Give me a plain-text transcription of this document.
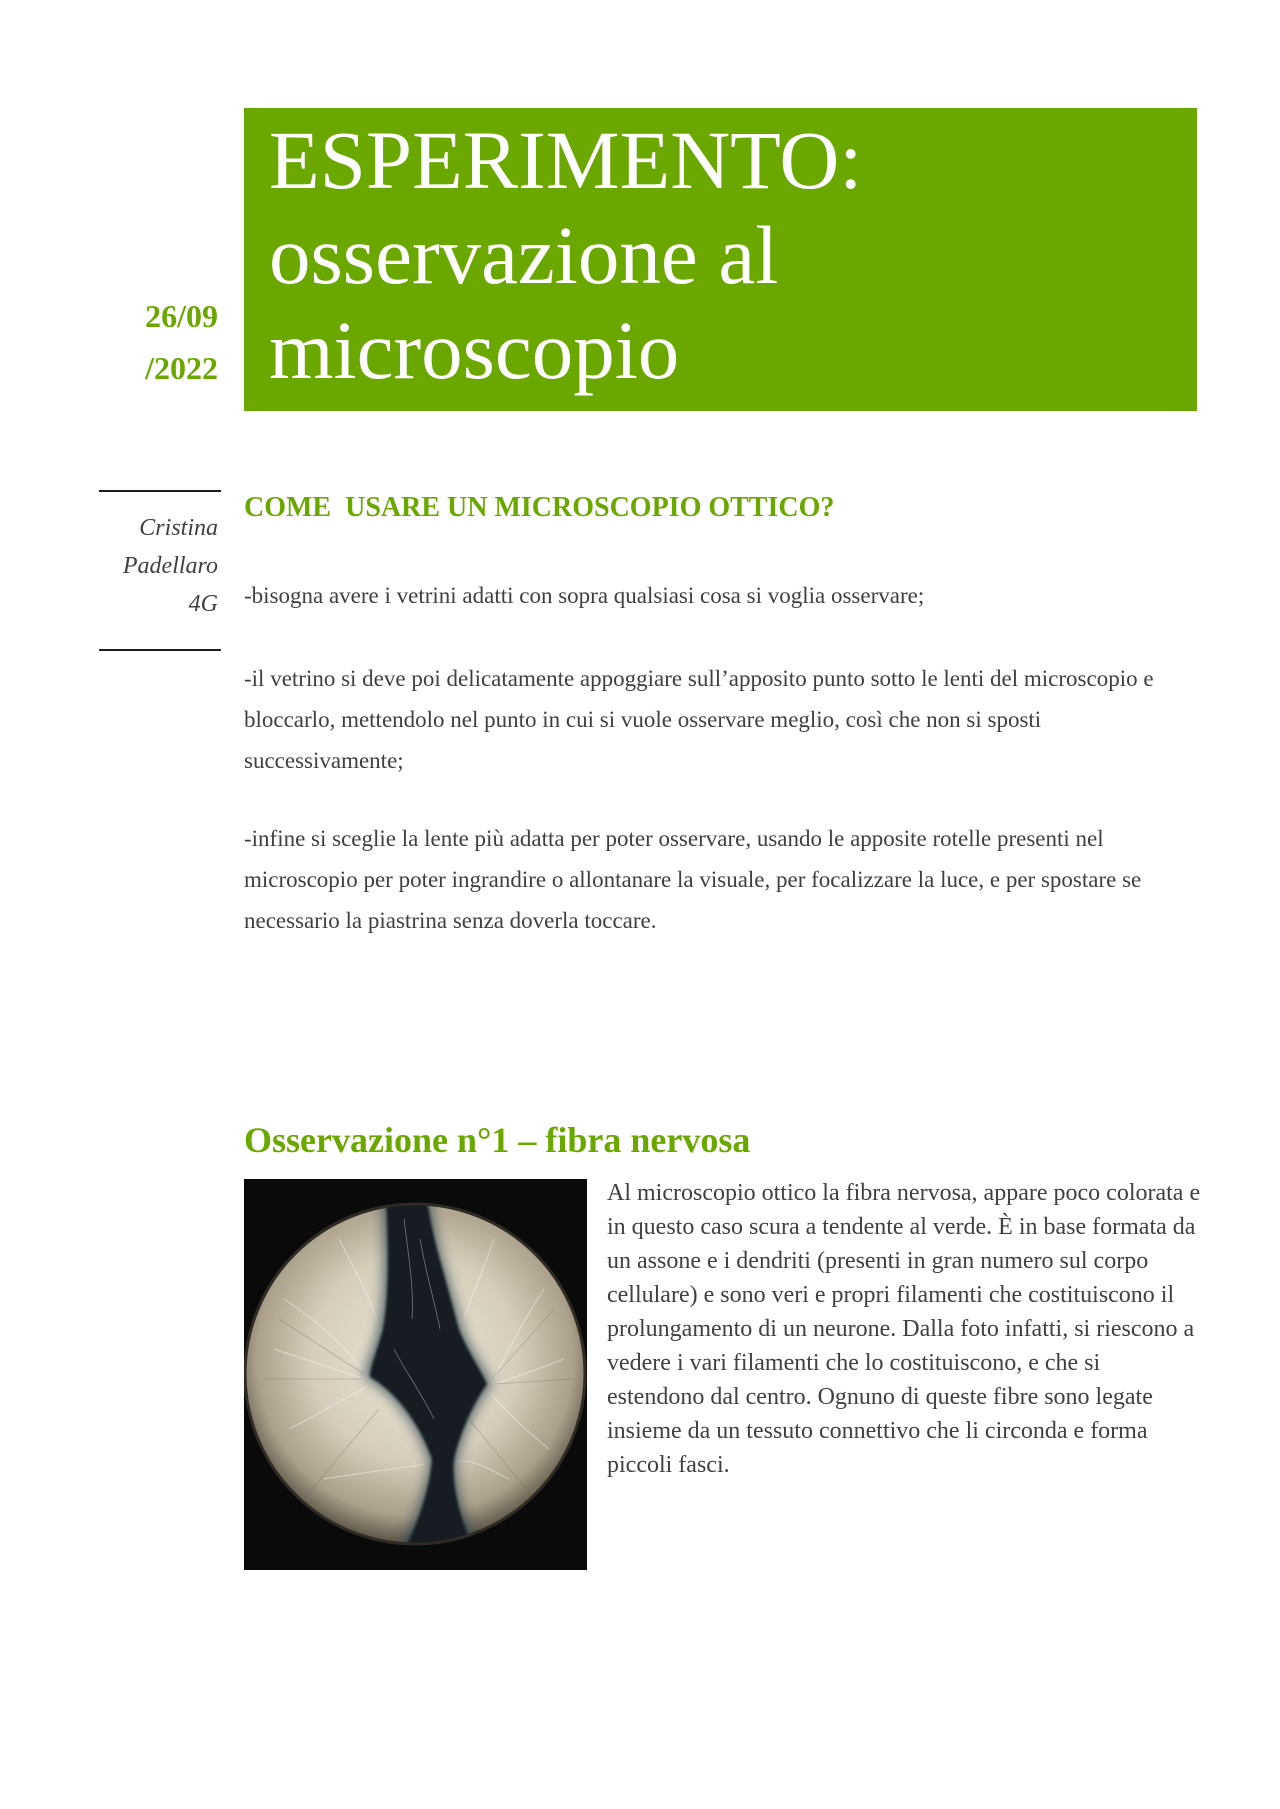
26/09
/2022
ESPERIMENTO:
osservazione al
microscopio
Cristina
Padellaro
4G
COME  USARE UN MICROSCOPIO OTTICO?

-bisogna avere i vetrini adatti con sopra qualsiasi cosa si voglia osservare;

-il vetrino si deve poi delicatamente appoggiare sull’apposito punto sotto le lenti del microscopio e bloccarlo, mettendolo nel punto in cui si vuole osservare meglio, così che non si sposti successivamente;

-infine si sceglie la lente più adatta per poter osservare, usando le apposite rotelle presenti nel microscopio per poter ingrandire o allontanare la visuale, per focalizzare la luce, e per spostare se necessario la piastrina senza doverla toccare.

Osservazione n°1 – fibra nervosa

Al microscopio ottico la fibra nervosa, appare poco colorata e in questo caso scura a tendente al verde. È in base formata da un assone e i dendriti (presenti in gran numero sul corpo cellulare) e sono veri e propri filamenti che costituiscono il prolungamento di un neurone. Dalla foto infatti, si riescono a vedere i vari filamenti che lo costituiscono, e che si estendono dal centro. Ognuno di queste fibre sono legate insieme da un tessuto connettivo che li circonda e forma piccoli fasci.
